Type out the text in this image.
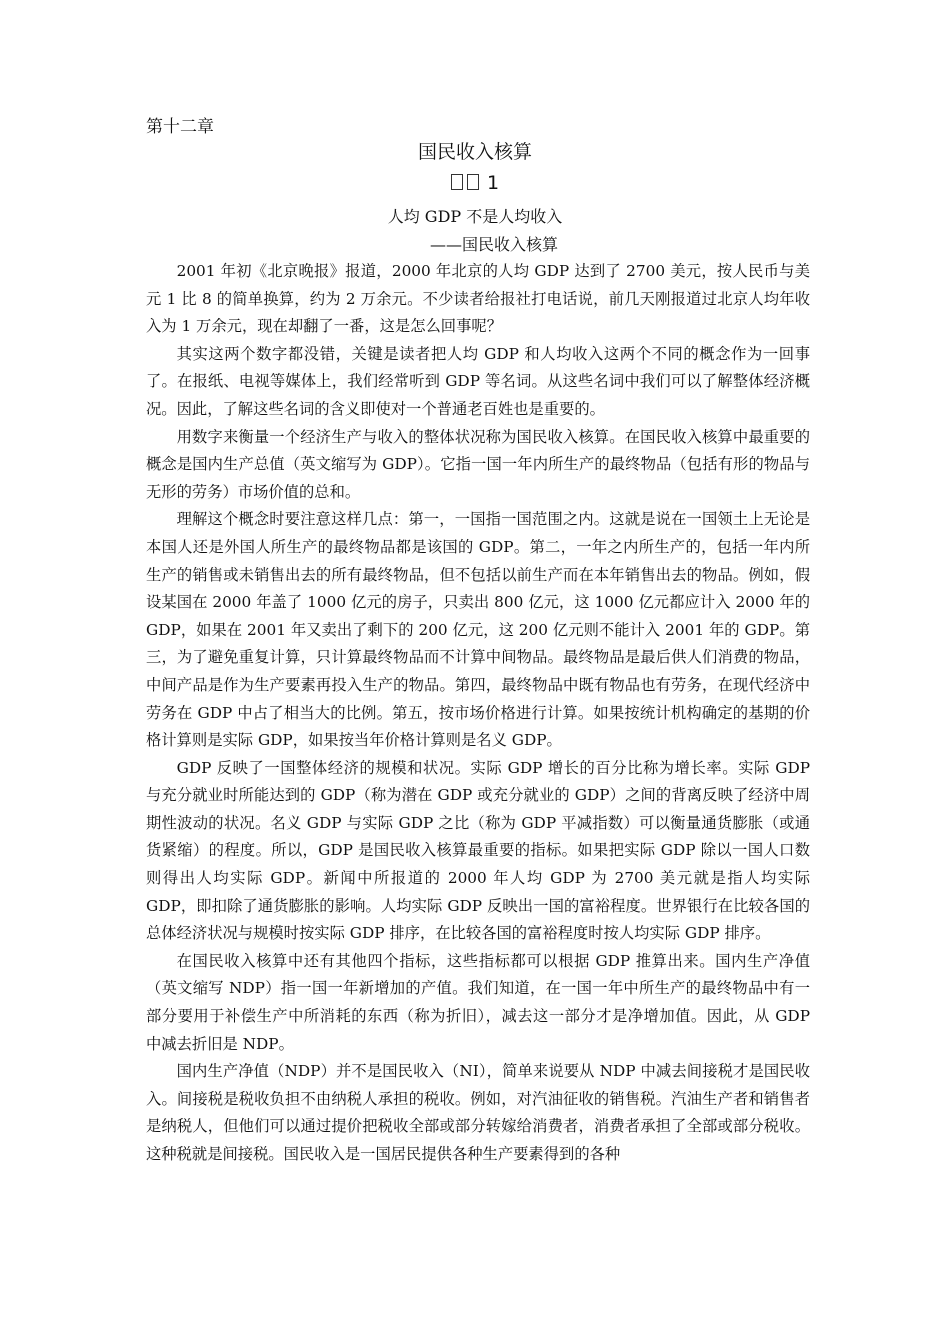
第十二章
国民收入核算
1
人均 GDP 不是人均收入
——国民收入核算

2001 年初《北京晚报》报道，2000 年北京的人均 GDP 达到了 2700 美元，按人民币与美元 1 比 8 的简单换算，约为 2 万余元。不少读者给报社打电话说，前几天刚报道过北京人均年收入为 1 万余元，现在却翻了一番，这是怎么回事呢？

其实这两个数字都没错，关键是读者把人均 GDP 和人均收入这两个不同的概念作为一回事了。在报纸、电视等媒体上，我们经常听到 GDP 等名词。从这些名词中我们可以了解整体经济概况。因此，了解这些名词的含义即使对一个普通老百姓也是重要的。

用数字来衡量一个经济生产与收入的整体状况称为国民收入核算。在国民收入核算中最重要的概念是国内生产总值（英文缩写为 GDP）。它指一国一年内所生产的最终物品（包括有形的物品与无形的劳务）市场价值的总和。

理解这个概念时要注意这样几点：第一，一国指一国范围之内。这就是说在一国领土上无论是本国人还是外国人所生产的最终物品都是该国的 GDP。第二，一年之内所生产的，包括一年内所生产的销售或未销售出去的所有最终物品，但不包括以前生产而在本年销售出去的物品。例如，假设某国在 2000 年盖了 1000 亿元的房子，只卖出 800 亿元，这 1000 亿元都应计入 2000 年的 GDP，如果在 2001 年又卖出了剩下的 200 亿元，这 200 亿元则不能计入 2001 年的 GDP。第三，为了避免重复计算，只计算最终物品而不计算中间物品。最终物品是最后供人们消费的物品，中间产品是作为生产要素再投入生产的物品。第四，最终物品中既有物品也有劳务，在现代经济中劳务在 GDP 中占了相当大的比例。第五，按市场价格进行计算。如果按统计机构确定的基期的价格计算则是实际 GDP，如果按当年价格计算则是名义 GDP。

GDP 反映了一国整体经济的规模和状况。实际 GDP 增长的百分比称为增长率。实际 GDP 与充分就业时所能达到的 GDP（称为潜在 GDP 或充分就业的 GDP）之间的背离反映了经济中周期性波动的状况。名义 GDP 与实际 GDP 之比（称为 GDP 平减指数）可以衡量通货膨胀（或通货紧缩）的程度。所以，GDP 是国民收入核算最重要的指标。如果把实际 GDP 除以一国人口数则得出人均实际 GDP。新闻中所报道的 2000 年人均 GDP 为 2700 美元就是指人均实际 GDP，即扣除了通货膨胀的影响。人均实际 GDP 反映出一国的富裕程度。世界银行在比较各国的总体经济状况与规模时按实际 GDP 排序，在比较各国的富裕程度时按人均实际 GDP 排序。

在国民收入核算中还有其他四个指标，这些指标都可以根据 GDP 推算出来。国内生产净值（英文缩写 NDP）指一国一年新增加的产值。我们知道，在一国一年中所生产的最终物品中有一部分要用于补偿生产中所消耗的东西（称为折旧），减去这一部分才是净增加值。因此，从 GDP 中减去折旧是 NDP。

国内生产净值（NDP）并不是国民收入（NI），简单来说要从 NDP 中减去间接税才是国民收入。间接税是税收负担不由纳税人承担的税收。例如，对汽油征收的销售税。汽油生产者和销售者是纳税人，但他们可以通过提价把税收全部或部分转嫁给消费者，消费者承担了全部或部分税收。这种税就是间接税。国民收入是一国居民提供各种生产要素得到的各种
